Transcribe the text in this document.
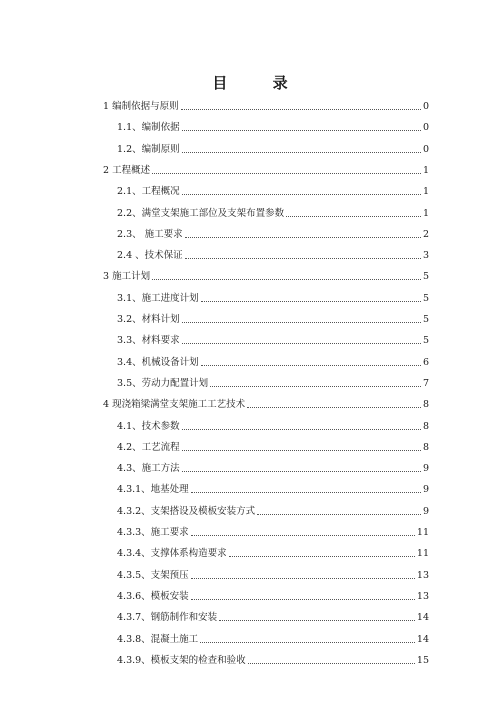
目 录
1 编制依据与原则	0
1.1、编制依据	0
1.2、编制原则	0
2 工程概述	1
2.1、工程概况	1
2.2、满堂支架施工部位及支架布置参数	1
2.3、 施工要求	2
2.4 、技术保证	3
3 施工计划	5
3.1、施工进度计划	5
3.2、材料计划	5
3.3、材料要求	5
3.4、机械设备计划	6
3.5、劳动力配置计划	7
4 现浇箱梁满堂支架施工工艺技术	8
4.1、技术参数	8
4.2、工艺流程	8
4.3、施工方法	9
4.3.1、地基处理	9
4.3.2、支架搭设及模板安装方式	9
4.3.3、施工要求	11
4.3.4、支撑体系构造要求	11
4.3.5、支架预压	13
4.3.6、模板安装	13
4.3.7、钢筋制作和安装	14
4.3.8、混凝土施工	14
4.3.9、模板支架的检查和验收	15
